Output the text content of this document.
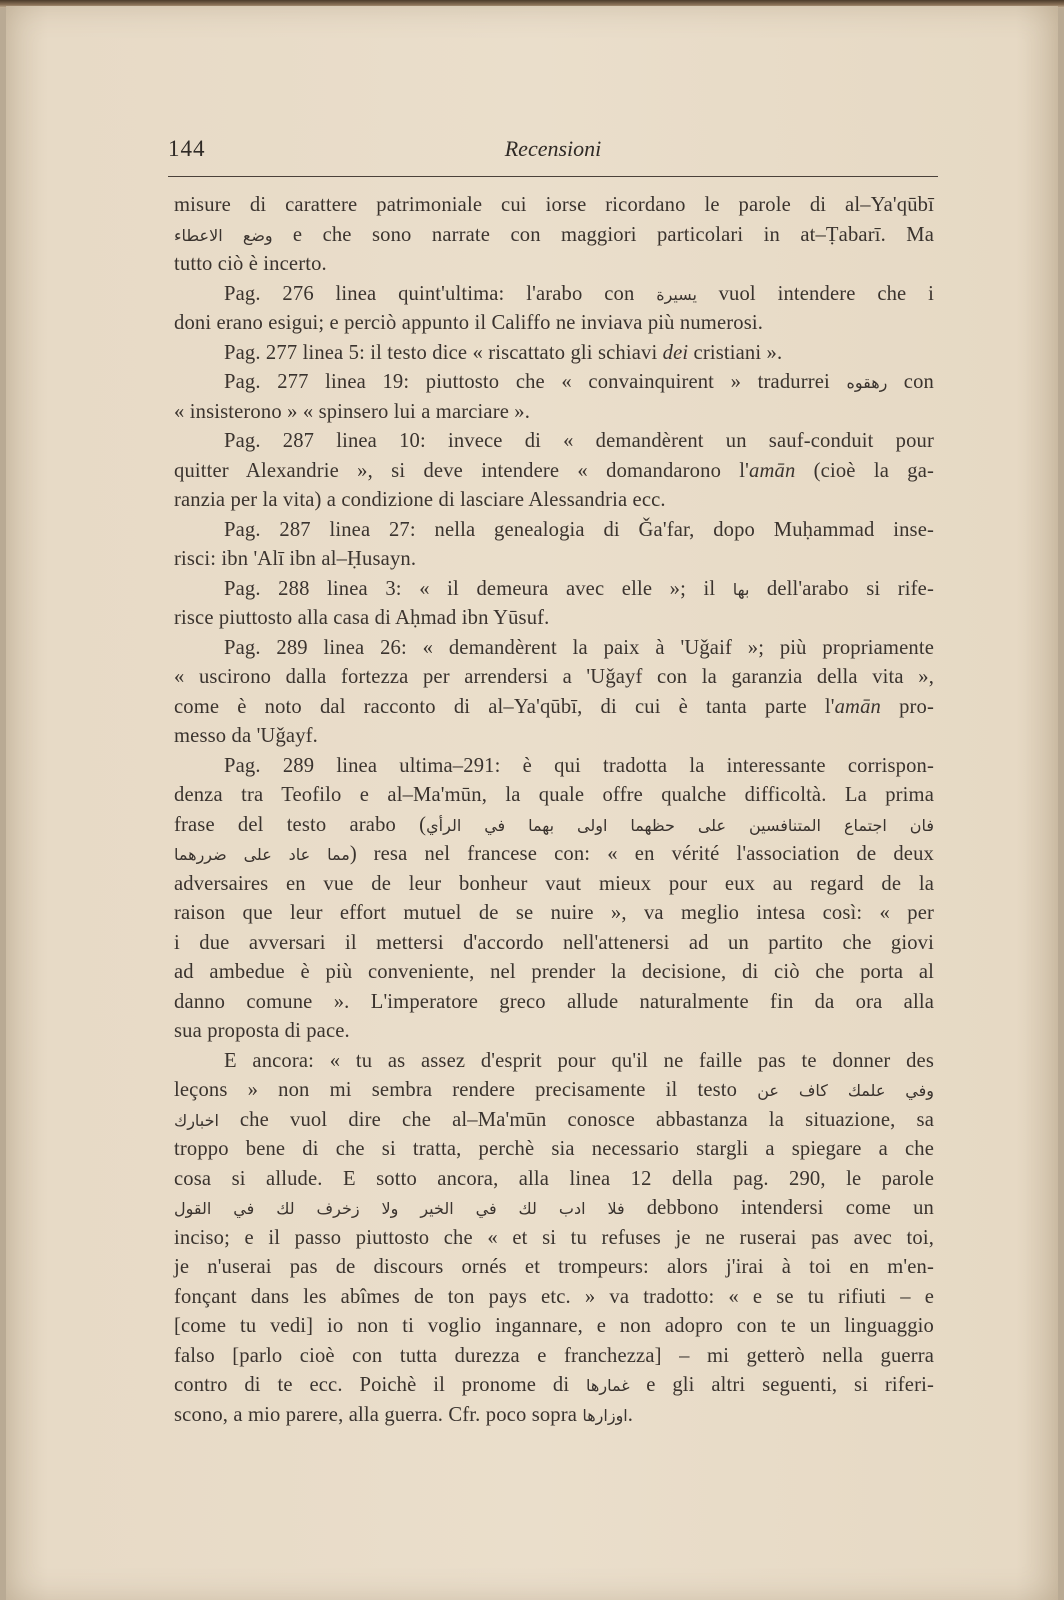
144	Recensioni
misure di carattere patrimoniale cui iorse ricordano le parole di al–Ya'qūbī
وضع الاعطاء e che sono narrate con maggiori particolari in at–Ṭabarī. Ma
tutto ciò è incerto.
Pag. 276 linea quint'ultima: l'arabo con يسيرة vuol intendere che i
doni erano esigui; e perciò appunto il Califfo ne inviava più numerosi.
Pag. 277 linea 5: il testo dice « riscattato gli schiavi dei cristiani ».
Pag. 277 linea 19: piuttosto che « convainquirent » tradurrei رهقوه con
« insisterono » « spinsero lui a marciare ».
Pag. 287 linea 10: invece di « demandèrent un sauf-conduit pour
quitter Alexandrie », si deve intendere « domandarono l'amān (cioè la ga-
ranzia per la vita) a condizione di lasciare Alessandria ecc.
Pag. 287 linea 27: nella genealogia di Ǧa'far, dopo Muḥammad inse-
risci: ibn 'Alī ibn al–Ḥusayn.
Pag. 288 linea 3: « il demeura avec elle »; il بها dell'arabo si rife-
risce piuttosto alla casa di Aḥmad ibn Yūsuf.
Pag. 289 linea 26: « demandèrent la paix à 'Uǧaif »; più propriamente
« uscirono dalla fortezza per arrendersi a 'Uǧayf con la garanzia della vita »,
come è noto dal racconto di al–Ya'qūbī, di cui è tanta parte l'amān pro-
messo da 'Uǧayf.
Pag. 289 linea ultima–291: è qui tradotta la interessante corrispon-
denza tra Teofilo e al–Ma'mūn, la quale offre qualche difficoltà. La prima
frase del testo arabo (فان اجتماع المتنافسين على حظهما اولى بهما في الرأي
مما عاد على ضررهما) resa nel francese con: « en vérité l'association de deux
adversaires en vue de leur bonheur vaut mieux pour eux au regard de la
raison que leur effort mutuel de se nuire », va meglio intesa così: « per
i due avversari il mettersi d'accordo nell'attenersi ad un partito che giovi
ad ambedue è più conveniente, nel prender la decisione, di ciò che porta al
danno comune ». L'imperatore greco allude naturalmente fin da ora alla
sua proposta di pace.
E ancora: « tu as assez d'esprit pour qu'il ne faille pas te donner des
leçons » non mi sembra rendere precisamente il testo وفي علمك كاف عن
اخبارك che vuol dire che al–Ma'mūn conosce abbastanza la situazione, sa
troppo bene di che si tratta, perchè sia necessario stargli a spiegare a che
cosa si allude. E sotto ancora, alla linea 12 della pag. 290, le parole
فلا ادب لك في الخير ولا زخرف لك في القول debbono intendersi come un
inciso; e il passo piuttosto che « et si tu refuses je ne ruserai pas avec toi,
je n'userai pas de discours ornés et trompeurs: alors j'irai à toi en m'en-
fonçant dans les abîmes de ton pays etc. » va tradotto: « e se tu rifiuti – e
[come tu vedi] io non ti voglio ingannare, e non adopro con te un linguaggio
falso [parlo cioè con tutta durezza e franchezza] – mi getterò nella guerra
contro di te ecc. Poichè il pronome di غمارها e gli altri seguenti, si riferi-
scono, a mio parere, alla guerra. Cfr. poco sopra اوزارها.
